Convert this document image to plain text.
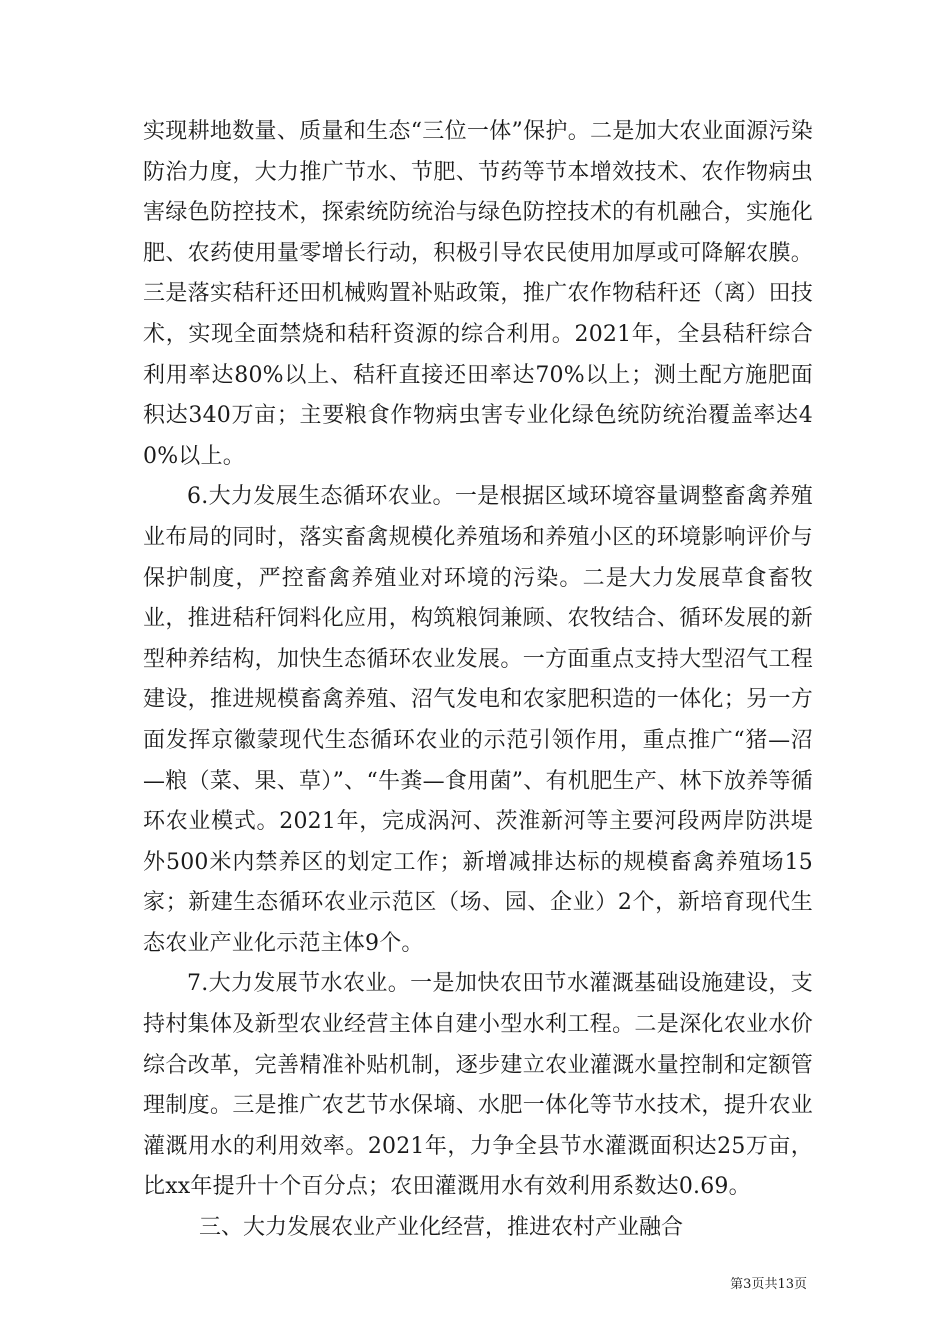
实现耕地数量、质量和生态“三位一体”保护。二是加大农业面源污染防治力度，大力推广节水、节肥、节药等节本增效技术、农作物病虫害绿色防控技术，探索统防统治与绿色防控技术的有机融合，实施化肥、农药使用量零增长行动，积极引导农民使用加厚或可降解农膜。三是落实秸秆还田机械购置补贴政策，推广农作物秸秆还（离）田技术，实现全面禁烧和秸秆资源的综合利用。2021年，全县秸秆综合利用率达80%以上、秸秆直接还田率达70%以上；测土配方施肥面积达340万亩；主要粮食作物病虫害专业化绿色统防统治覆盖率达40%以上。

6.大力发展生态循环农业。一是根据区域环境容量调整畜禽养殖业布局的同时，落实畜禽规模化养殖场和养殖小区的环境影响评价与保护制度，严控畜禽养殖业对环境的污染。二是大力发展草食畜牧业，推进秸秆饲料化应用，构筑粮饲兼顾、农牧结合、循环发展的新型种养结构，加快生态循环农业发展。一方面重点支持大型沼气工程建设，推进规模畜禽养殖、沼气发电和农家肥积造的一体化；另一方面发挥京徽蒙现代生态循环农业的示范引领作用，重点推广“猪—沼—粮（菜、果、草）”、“牛粪—食用菌”、有机肥生产、林下放养等循环农业模式。2021年，完成涡河、茨淮新河等主要河段两岸防洪堤外500米内禁养区的划定工作；新增减排达标的规模畜禽养殖场15家；新建生态循环农业示范区（场、园、企业）2个，新培育现代生态农业产业化示范主体9个。

7.大力发展节水农业。一是加快农田节水灌溉基础设施建设，支持村集体及新型农业经营主体自建小型水利工程。二是深化农业水价综合改革，完善精准补贴机制，逐步建立农业灌溉水量控制和定额管理制度。三是推广农艺节水保墒、水肥一体化等节水技术，提升农业灌溉用水的利用效率。2021年，力争全县节水灌溉面积达25万亩，比xx年提升十个百分点；农田灌溉用水有效利用系数达0.69。

三、大力发展农业产业化经营，推进农村产业融合

第3页共13页
